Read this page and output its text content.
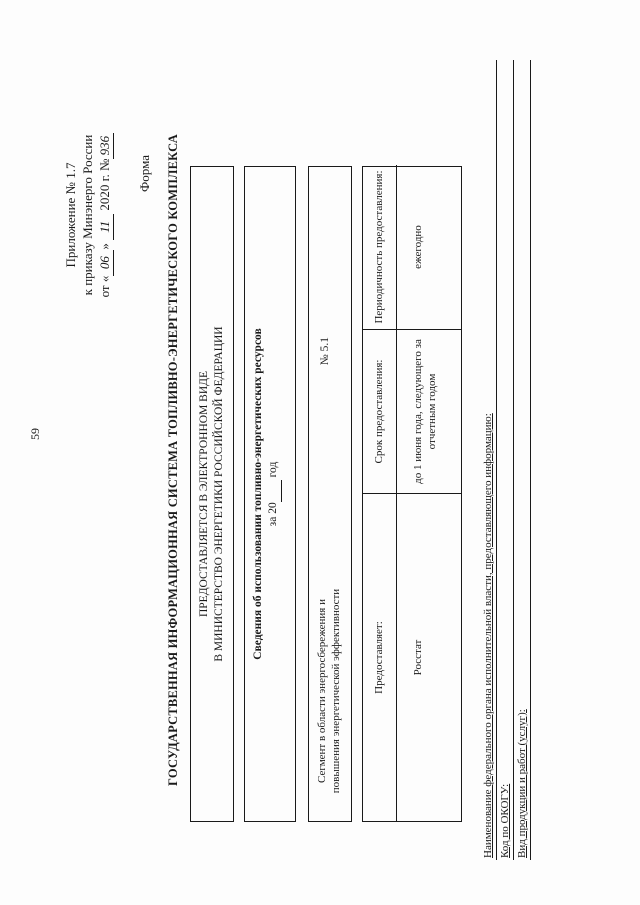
59
Приложение № 1.7 к приказу Минэнерго России от «06» 11 2020 г. №936
Форма ГОСУДАРСТВЕННАЯ ИНФОРМАЦИОННАЯ СИСТЕМА ТОПЛИВНО-ЭНЕРГЕТИЧЕСКОГО КОМПЛЕКСА ПРЕДОСТАВЛЯЕТСЯ В ЭЛЕКТРОННОМ ВИДЕ В МИНИСТЕРСТВО ЭНЕРГЕТИКИ РОССИЙСКОЙ ФЕДЕРАЦИИ Сведения об использовании топливно-энергетических ресурсов за 20  год
Сегмент в области энергосбережения и повышения энергетической эффективности
№ 5.1
Предоставляет:	Росстат
Срок предоставления:	до 1 июня года, следующего за отчетным годом
Периодичность предоставления:	ежегодно
Наименование федерального органа исполнительной власти, предоставляющего информацию: Код по ОКОГУ: Вид продукции и работ (услуг):
